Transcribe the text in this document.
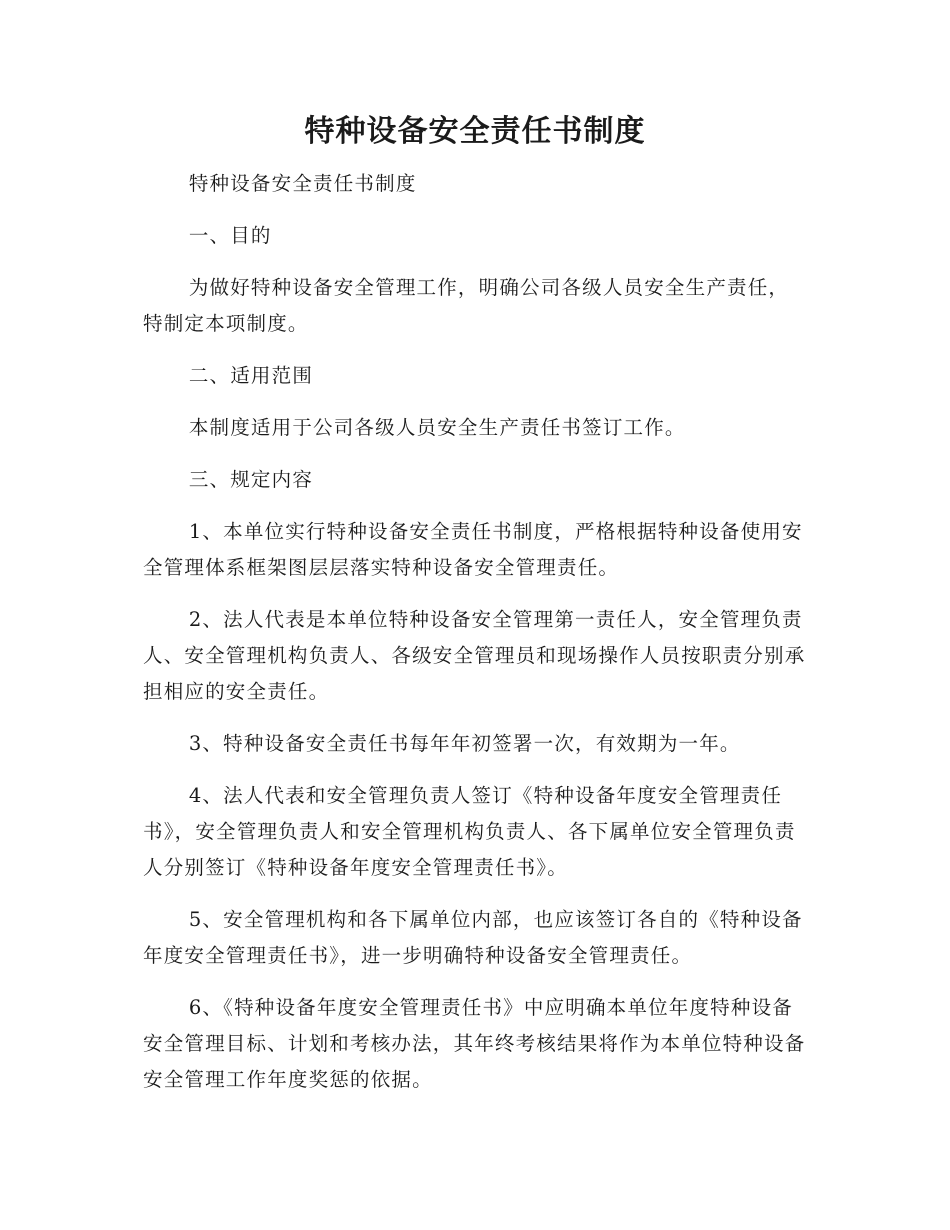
特种设备安全责任书制度

特种设备安全责任书制度

一、目的

为做好特种设备安全管理工作，明确公司各级人员安全生产责任，特制定本项制度。

二、适用范围

本制度适用于公司各级人员安全生产责任书签订工作。

三、规定内容

1、本单位实行特种设备安全责任书制度，严格根据特种设备使用安全管理体系框架图层层落实特种设备安全管理责任。

2、法人代表是本单位特种设备安全管理第一责任人，安全管理负责人、安全管理机构负责人、各级安全管理员和现场操作人员按职责分别承担相应的安全责任。

3、特种设备安全责任书每年年初签署一次，有效期为一年。

4、法人代表和安全管理负责人签订《特种设备年度安全管理责任书》，安全管理负责人和安全管理机构负责人、各下属单位安全管理负责人分别签订《特种设备年度安全管理责任书》。

5、安全管理机构和各下属单位内部，也应该签订各自的《特种设备年度安全管理责任书》，进一步明确特种设备安全管理责任。

6、《特种设备年度安全管理责任书》中应明确本单位年度特种设备安全管理目标、计划和考核办法，其年终考核结果将作为本单位特种设备安全管理工作年度奖惩的依据。
